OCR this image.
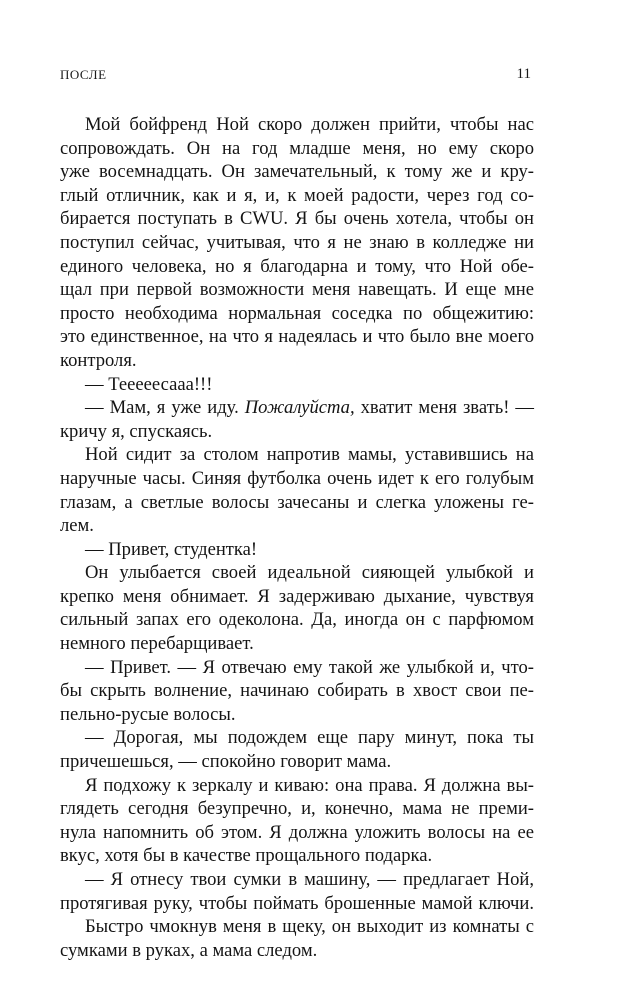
ПОСЛЕ	11
Мой бойфренд Ной скоро должен прийти, чтобы нас
сопровождать. Он на год младше меня, но ему скоро
уже восемнадцать. Он замечательный, к тому же и кру-
глый отличник, как и я, и, к моей радости, через год со-
бирается поступать в CWU. Я бы очень хотела, чтобы он
поступил сейчас, учитывая, что я не знаю в колледже ни
единого человека, но я благодарна и тому, что Ной обе-
щал при первой возможности меня навещать. И еще мне
просто необходима нормальная соседка по общежитию:
это единственное, на что я надеялась и что было вне моего
контроля.
— Тееееесааа!!!
— Мам, я уже иду. Пожалуйста, хватит меня звать! —
кричу я, спускаясь.
Ной сидит за столом напротив мамы, уставившись на
наручные часы. Синяя футболка очень идет к его голубым
глазам, а светлые волосы зачесаны и слегка уложены ге-
лем.
— Привет, студентка!
Он улыбается своей идеальной сияющей улыбкой и
крепко меня обнимает. Я задерживаю дыхание, чувствуя
сильный запах его одеколона. Да, иногда он с парфюмом
немного перебарщивает.
— Привет. — Я отвечаю ему такой же улыбкой и, что-
бы скрыть волнение, начинаю собирать в хвост свои пе-
пельно-русые волосы.
— Дорогая, мы подождем еще пару минут, пока ты
причешешься, — спокойно говорит мама.
Я подхожу к зеркалу и киваю: она права. Я должна вы-
глядеть сегодня безупречно, и, конечно, мама не преми-
нула напомнить об этом. Я должна уложить волосы на ее
вкус, хотя бы в качестве прощального подарка.
— Я отнесу твои сумки в машину, — предлагает Ной,
протягивая руку, чтобы поймать брошенные мамой ключи.
Быстро чмокнув меня в щеку, он выходит из комнаты с
сумками в руках, а мама следом.
